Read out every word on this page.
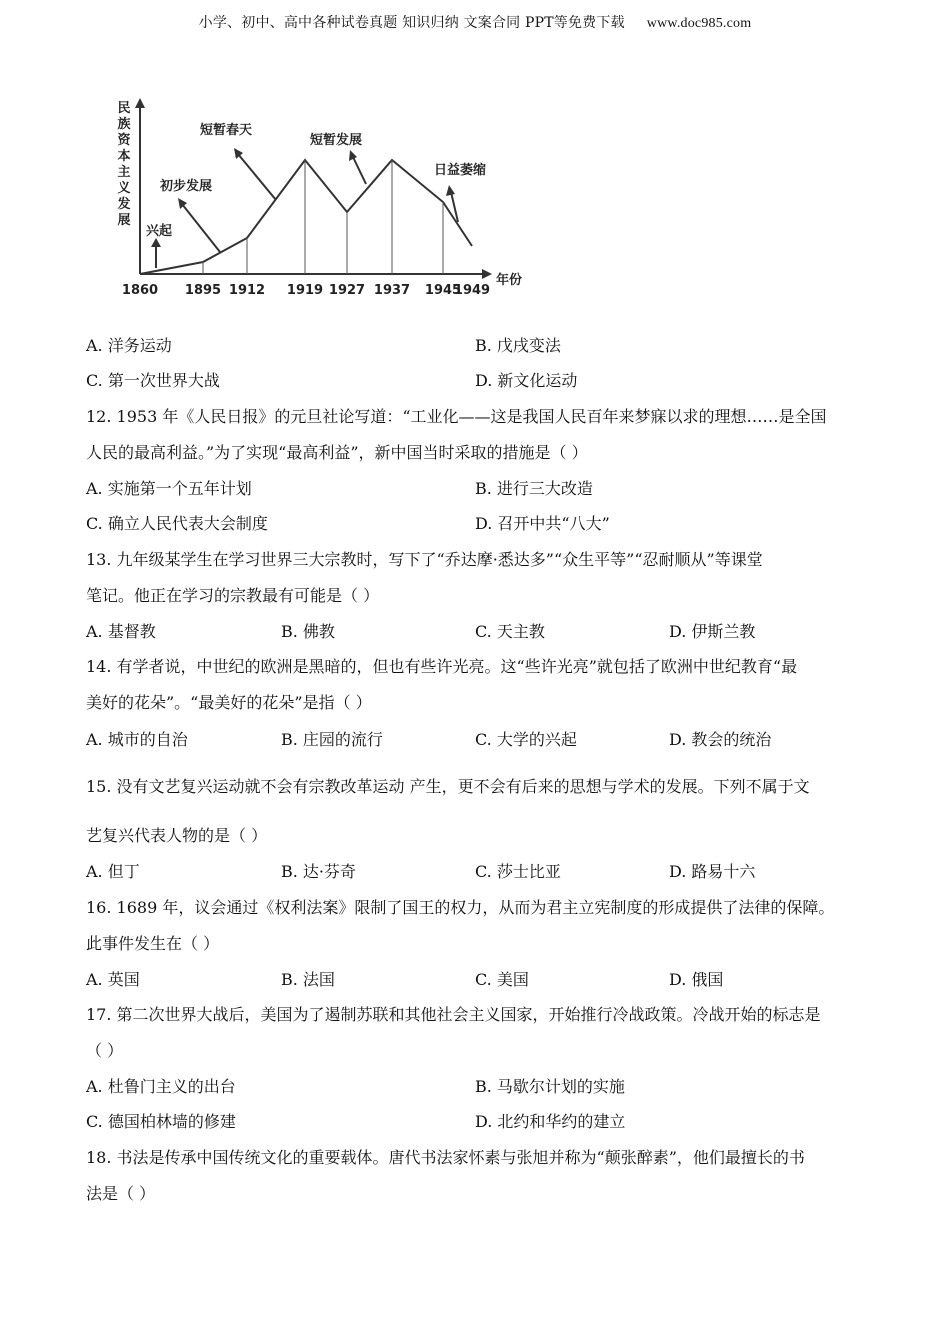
小学、初中、高中各种试卷真题 知识归纳 文案合同 PPT等免费下载 www.doc985.com
民
族
资
本
主
义
发
展
年份
兴起
初步发展
短暂春天
短暂发展
日益萎缩
1860 1895 1912 1919 1927 1937 1945
1949
A. 洋务运动	B. 戊戌变法
C. 第一次世界大战	D. 新文化运动
12. 1953 年《人民日报》的元旦社论写道：“工业化——这是我国人民百年来梦寐以求的理想……是全国
人民的最高利益。”为了实现“最高利益”，新中国当时采取的措施是（ ）
A. 实施第一个五年计划	B. 进行三大改造
C. 确立人民代表大会制度	D. 召开中共“八大”
13. 九年级某学生在学习世界三大宗教时，写下了“乔达摩·悉达多”“众生平等”“忍耐顺从”等课堂
笔记。他正在学习的宗教最有可能是（ ）
A. 基督教	B. 佛教	C. 天主教	D. 伊斯兰教
14. 有学者说，中世纪的欧洲是黑暗的，但也有些许光亮。这“些许光亮”就包括了欧洲中世纪教育“最
美好的花朵”。“最美好的花朵”是指（ ）
A. 城市的自治	B. 庄园的流行	C. 大学的兴起	D. 教会的统治
15. 没有文艺复兴运动就不会有宗教改革运动 产生，更不会有后来的思想与学术的发展。下列不属于文
艺复兴代表人物的是（ ）
A. 但丁	B. 达·芬奇	C. 莎士比亚	D. 路易十六
16. 1689 年，议会通过《权利法案》限制了国王的权力，从而为君主立宪制度的形成提供了法律的保障。
此事件发生在（ ）
A. 英国	B. 法国	C. 美国	D. 俄国
17. 第二次世界大战后，美国为了遏制苏联和其他社会主义国家，开始推行冷战政策。冷战开始的标志是
（ ）
A. 杜鲁门主义的出台	B. 马歇尔计划的实施
C. 德国柏林墙的修建	D. 北约和华约的建立
18. 书法是传承中国传统文化的重要载体。唐代书法家怀素与张旭并称为“颠张醉素”，他们最擅长的书
法是（ ）
